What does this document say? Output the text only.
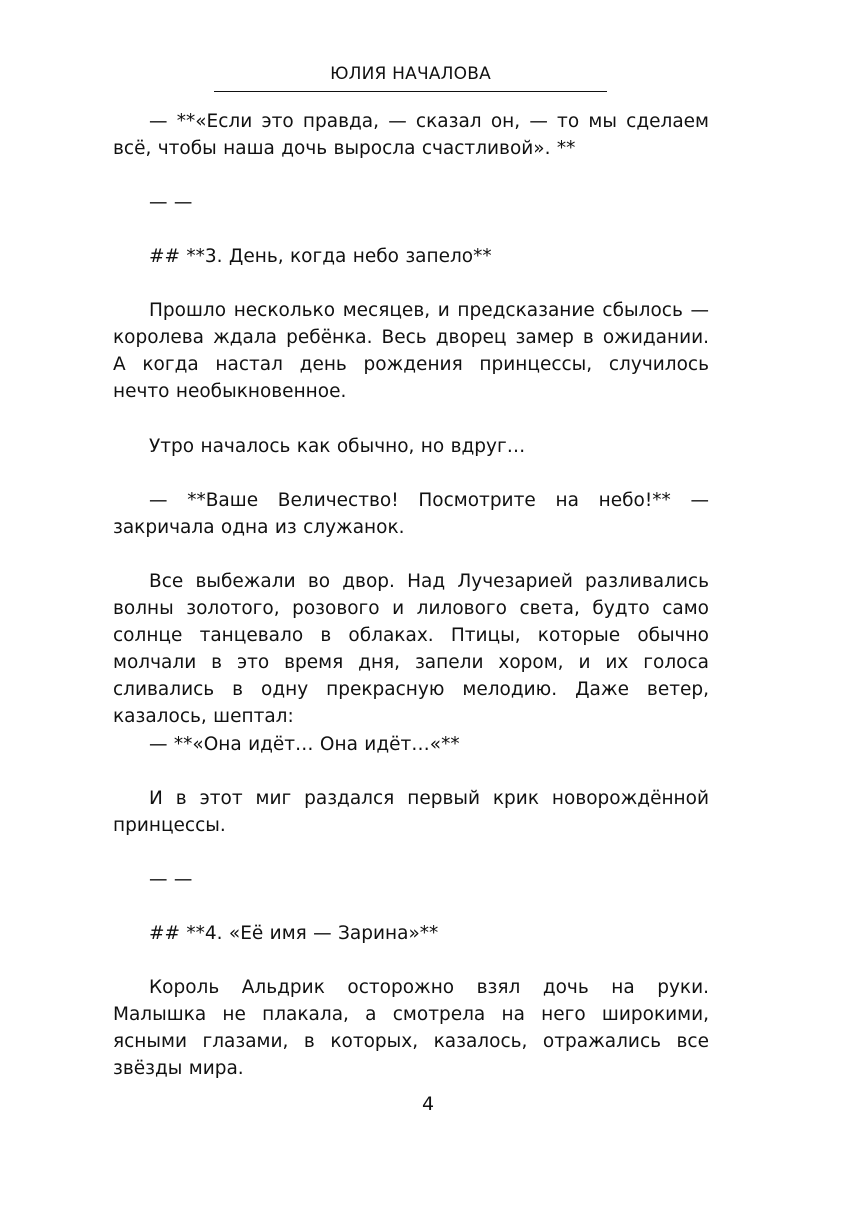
ЮЛИЯ НАЧАЛОВА

— **«Если это правда, — сказал он, — то мы сделаем всё, чтобы наша дочь выросла счастливой». **

— —

## **3. День, когда небо запело**

Прошло несколько месяцев, и предсказание сбылось — королева ждала ребёнка. Весь дворец замер в ожидании. А когда настал день рождения принцессы, случилось нечто необыкновенное.

Утро началось как обычно, но вдруг…

— **Ваше Величество! Посмотрите на небо!** — закричала одна из служанок.

Все выбежали во двор. Над Лучезарией разливались волны золотого, розового и лилового света, будто само солнце танцевало в облаках. Птицы, которые обычно молчали в это время дня, запели хором, и их голоса сливались в одну прекрасную мелодию. Даже ветер, казалось, шептал:

— **«Она идёт… Она идёт…«**

И в этот миг раздался первый крик новорождённой принцессы.

— —

## **4. «Её имя — Зарина»**

Король Альдрик осторожно взял дочь на руки. Малышка не плакала, а смотрела на него широкими, ясными глазами, в которых, казалось, отражались все звёзды мира.

4
